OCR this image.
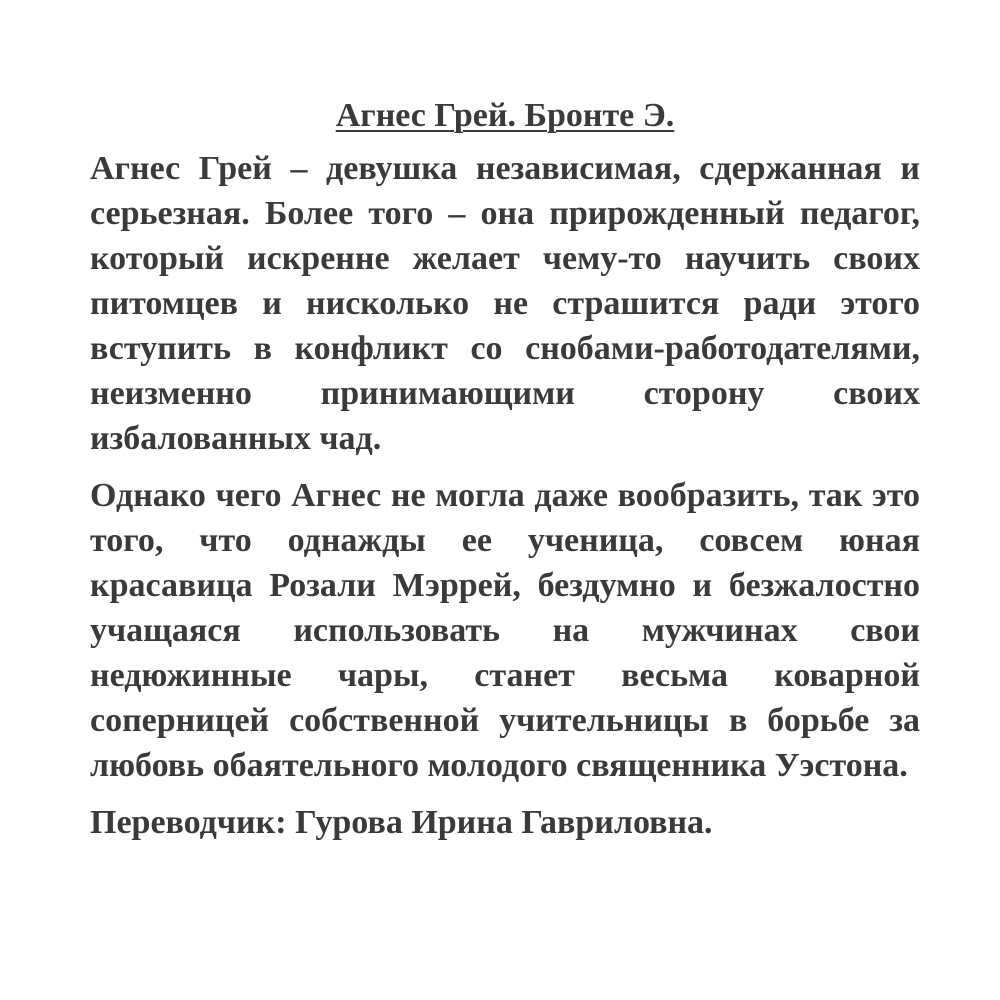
Агнес Грей. Бронте Э.

Агнес Грей – девушка независимая, сдержанная и серьезная. Более того – она прирожденный педагог, который искренне желает чему-то научить своих питомцев и нисколько не страшится ради этого вступить в конфликт со снобами-работодателями, неизменно принимающими сторону своих избалованных чад.

Однако чего Агнес не могла даже вообразить, так это того, что однажды ее ученица, совсем юная красавица Розали Мэррей, бездумно и безжалостно учащаяся использовать на мужчинах свои недюжинные чары, станет весьма коварной соперницей собственной учительницы в борьбе за любовь обаятельного молодого священника Уэстона.

Переводчик: Гурова Ирина Гавриловна.
